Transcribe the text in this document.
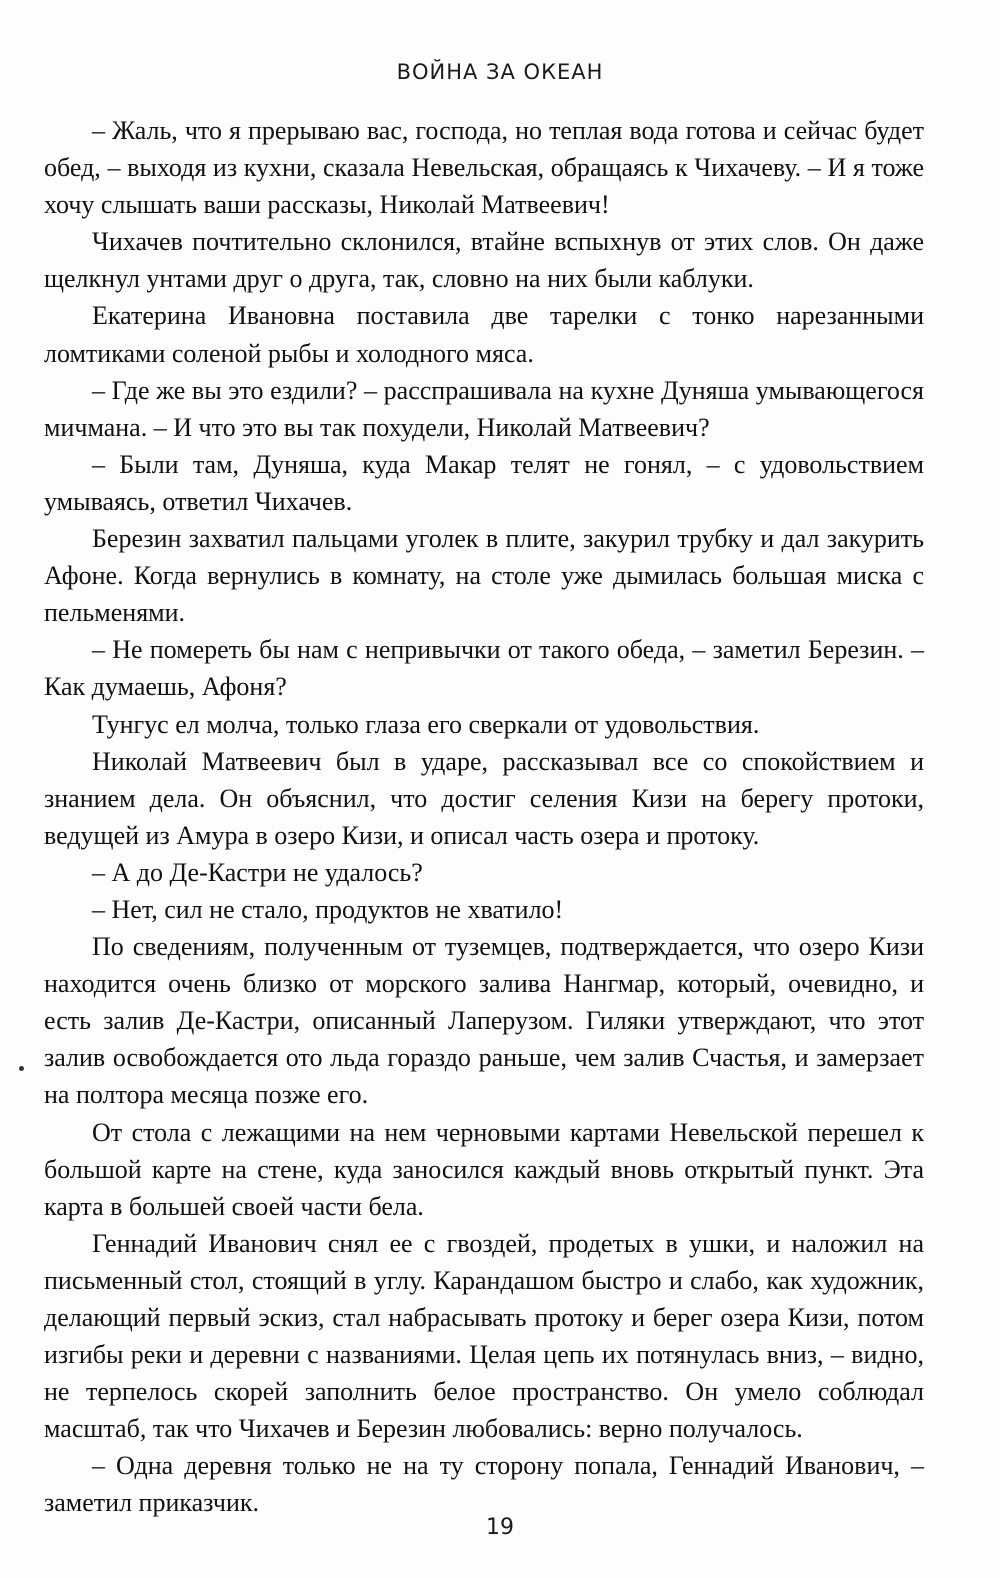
ВОЙНА ЗА ОКЕАН

– Жаль, что я прерываю вас, господа, но теплая вода готова и сейчас будет обед, – выходя из кухни, сказала Невельская, обращаясь к Чихачеву. – И я тоже хочу слышать ваши рассказы, Николай Матвеевич!

Чихачев почтительно склонился, втайне вспыхнув от этих слов. Он даже щелкнул унтами друг о друга, так, словно на них были каблуки.

Екатерина Ивановна поставила две тарелки с тонко нарезанными ломтиками соленой рыбы и холодного мяса.

– Где же вы это ездили? – расспрашивала на кухне Дуняша умывающегося мичмана. – И что это вы так похудели, Николай Матвеевич?

– Были там, Дуняша, куда Макар телят не гонял, – с удовольствием умываясь, ответил Чихачев.

Березин захватил пальцами уголек в плите, закурил трубку и дал закурить Афоне. Когда вернулись в комнату, на столе уже дымилась большая миска с пельменями.

– Не помереть бы нам с непривычки от такого обеда, – заметил Березин. – Как думаешь, Афоня?

Тунгус ел молча, только глаза его сверкали от удовольствия.

Николай Матвеевич был в ударе, рассказывал все со спокойствием и знанием дела. Он объяснил, что достиг селения Кизи на берегу протоки, ведущей из Амура в озеро Кизи, и описал часть озера и протоку.

– А до Де-Кастри не удалось?

– Нет, сил не стало, продуктов не хватило!

По сведениям, полученным от туземцев, подтверждается, что озеро Кизи находится очень близко от морского залива Нангмар, который, очевидно, и есть залив Де-Кастри, описанный Лаперузом. Гиляки утверждают, что этот залив освобождается ото льда гораздо раньше, чем залив Счастья, и замерзает на полтора месяца позже его.

От стола с лежащими на нем черновыми картами Невельской перешел к большой карте на стене, куда заносился каждый вновь открытый пункт. Эта карта в большей своей части бела.

Геннадий Иванович снял ее с гвоздей, продетых в ушки, и наложил на письменный стол, стоящий в углу. Карандашом быстро и слабо, как художник, делающий первый эскиз, стал набрасывать протоку и берег озера Кизи, потом изгибы реки и деревни с названиями. Целая цепь их потянулась вниз, – видно, не терпелось скорей заполнить белое пространство. Он умело соблюдал масштаб, так что Чихачев и Березин любовались: верно получалось.

– Одна деревня только не на ту сторону попала, Геннадий Иванович, – заметил приказчик.

19
